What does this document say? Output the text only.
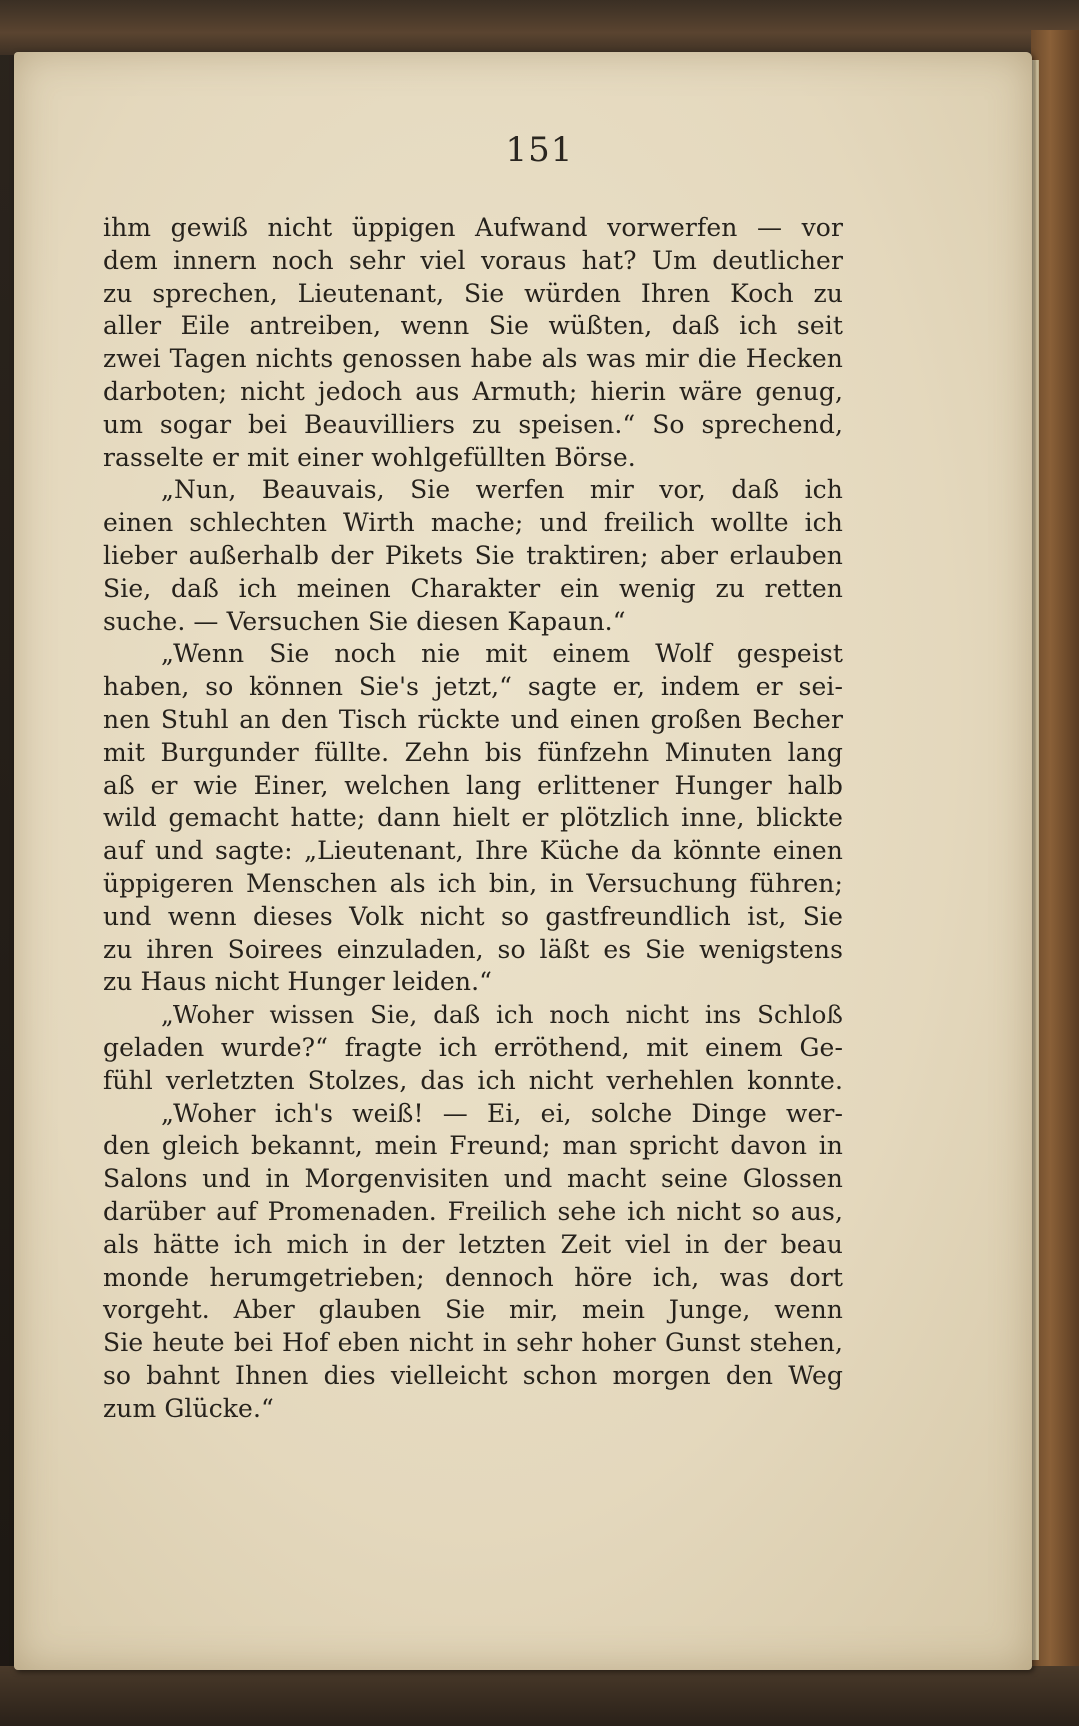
151
ihm gewiß nicht üppigen Aufwand vorwerfen — vor
dem innern noch sehr viel voraus hat? Um deutlicher
zu sprechen, Lieutenant, Sie würden Ihren Koch zu
aller Eile antreiben, wenn Sie wüßten, daß ich seit
zwei Tagen nichts genossen habe als was mir die Hecken
darboten; nicht jedoch aus Armuth; hierin wäre genug,
um sogar bei Beauvilliers zu speisen.“ So sprechend,
rasselte er mit einer wohlgefüllten Börse.
„Nun, Beauvais, Sie werfen mir vor, daß ich
einen schlechten Wirth mache; und freilich wollte ich
lieber außerhalb der Pikets Sie traktiren; aber erlauben
Sie, daß ich meinen Charakter ein wenig zu retten
suche. — Versuchen Sie diesen Kapaun.“
„Wenn Sie noch nie mit einem Wolf gespeist
haben, so können Sie's jetzt,“ sagte er, indem er sei-
nen Stuhl an den Tisch rückte und einen großen Becher
mit Burgunder füllte. Zehn bis fünfzehn Minuten lang
aß er wie Einer, welchen lang erlittener Hunger halb
wild gemacht hatte; dann hielt er plötzlich inne, blickte
auf und sagte: „Lieutenant, Ihre Küche da könnte einen
üppigeren Menschen als ich bin, in Versuchung führen;
und wenn dieses Volk nicht so gastfreundlich ist, Sie
zu ihren Soirees einzuladen, so läßt es Sie wenigstens
zu Haus nicht Hunger leiden.“
„Woher wissen Sie, daß ich noch nicht ins Schloß
geladen wurde?“ fragte ich erröthend, mit einem Ge-
fühl verletzten Stolzes, das ich nicht verhehlen konnte.
„Woher ich's weiß! — Ei, ei, solche Dinge wer-
den gleich bekannt, mein Freund; man spricht davon in
Salons und in Morgenvisiten und macht seine Glossen
darüber auf Promenaden. Freilich sehe ich nicht so aus,
als hätte ich mich in der letzten Zeit viel in der beau
monde herumgetrieben; dennoch höre ich, was dort
vorgeht. Aber glauben Sie mir, mein Junge, wenn
Sie heute bei Hof eben nicht in sehr hoher Gunst stehen,
so bahnt Ihnen dies vielleicht schon morgen den Weg
zum Glücke.“
